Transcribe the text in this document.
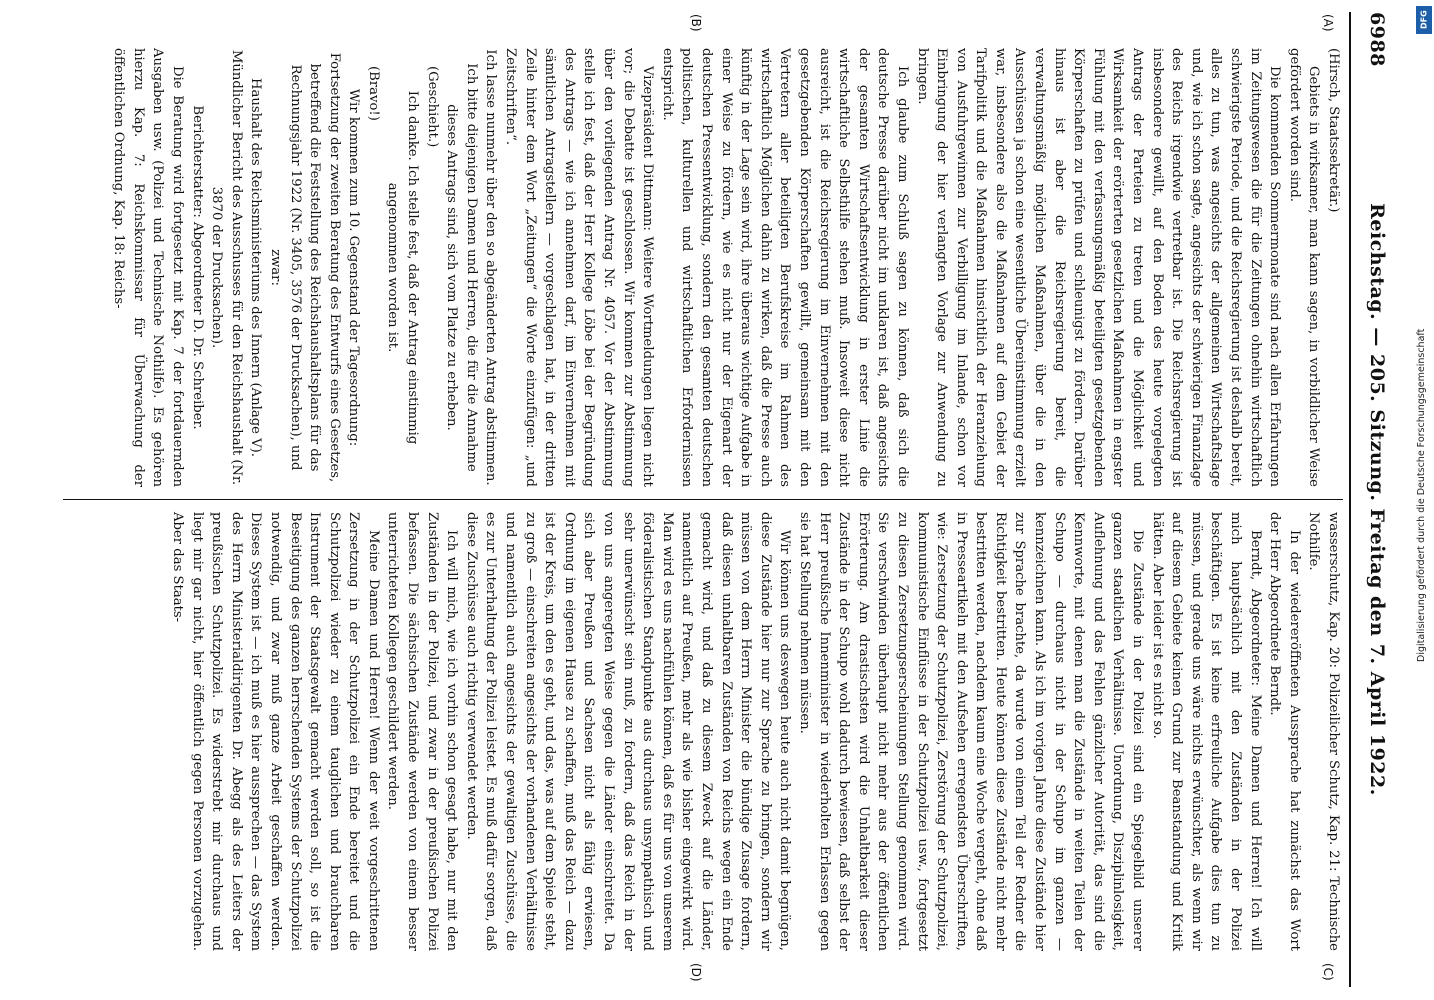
6988
Reichstag. — 205. Sitzung. Freitag den 7. April 1922.
(A)
(B)

(Hirsch, Staatssekretär.)

Gebiets in wirksamer, man kann sagen, in vorbildlicher Weise gefördert worden sind.

Die kommenden Sommermonate sind nach allen Erfahrungen im Zeitungswesen die für die Zeitungen ohnehin wirtschaftlich schwierigste Periode, und die Reichsregierung ist deshalb bereit, alles zu tun, was angesichts der allgemeinen Wirtschaftslage und, wie ich schon sagte, angesichts der schwierigen Finanzlage des Reichs irgendwie vertretbar ist. Die Reichsregierung ist insbesondere gewillt, auf den Boden des heute vorgelegten Antrags der Parteien zu treten und die Möglichkeit und Wirksamkeit der erörterten gesetzlichen Maßnahmen in engster Fühlung mit den verfassungsmäßig beteiligten gesetzgebenden Körperschaften zu prüfen und schleunigst zu fördern. Darüber hinaus ist aber die Reichsregierung bereit, die verwaltungsmäßig möglichen Maßnahmen, über die in den Ausschüssen ja schon eine wesentliche Übereinstimmung erzielt war, insbesondere also die Maßnahmen auf dem Gebiet der Tarifpolitik und die Maßnahmen hinsichtlich der Heranziehung von Ausfuhrgewinnen zur Verbilligung im Inlande, schon vor Einbringung der hier verlangten Vorlage zur Anwendung zu bringen.

Ich glaube zum Schluß sagen zu können, daß sich die deutsche Presse darüber nicht im unklaren ist, daß angesichts der gesamten Wirtschaftsentwicklung in erster Linie die wirtschaftliche Selbsthilfe stehen muß. Insoweit diese nicht ausreicht, ist die Reichsregierung im Einvernehmen mit den gesetzgebenden Körperschaften gewillt, gemeinsam mit den Vertretern aller beteiligten Berufskreise im Rahmen des wirtschaftlich Möglichen dahin zu wirken, daß die Presse auch künftig in der Lage sein wird, ihre überaus wichtige Aufgabe in einer Weise zu fördern, wie es nicht nur der Eigenart der deutschen Pressentwicklung, sondern den gesamten deutschen politischen, kulturellen und wirtschaftlichen Erfordernissen entspricht.

Vizepräsident Dittmann: Weitere Wortmeldungen liegen nicht vor; die Debatte ist geschlossen. Wir kommen zur Abstimmung über den vorliegenden Antrag Nr. 4057. Vor der Abstimmung stelle ich fest, daß der Herr Kollege Löbe bei der Begründung des Antrags — wie ich annehmen darf, im Einvernehmen mit sämtlichen Antragstellern — vorgeschlagen hat, in der dritten Zeile hinter dem Wort „Zeitungen“ die Worte einzufügen: „und Zeitschriften“.

Ich lasse nunmehr über den so abgeänderten Antrag abstimmen. Ich bitte diejenigen Damen und Herren, die für die Annahme dieses Antrags sind, sich vom Platze zu erheben.

(Geschieht.)

Ich danke. Ich stelle fest, daß der Antrag einstimmig angenommen worden ist.

(Bravo!)

Wir kommen zum 10. Gegenstand der Tagesordnung:

Fortsetzung der zweiten Beratung des Entwurfs eines Gesetzes, betreffend die Feststellung des Reichshaushaltsplans für das Rechnungsjahr 1922 (Nr. 3405, 3576 der Drucksachen), und zwar:

Haushalt des Reichsministeriums des Innern (Anlage V).

Mündlicher Bericht des Ausschusses für den Reichshaushalt (Nr. 3870 der Drucksachen).

Berichterstatter: Abgeordneter D. Dr. Schreiber.

Die Beratung wird fortgesetzt mit Kap. 7 der fortdauernden Ausgaben usw. (Polizei und Technische Nothilfe). Es gehören hierzu Kap. 7: Reichskommissar für Überwachung der öffentlichen Ordnung, Kap. 18: Reichs-

wasserschutz, Kap. 20: Polizeilicher Schutz, Kap. 21: Technische Nothilfe.

In der wiedereröffneten Aussprache hat zunächst das Wort der Herr Abgeordnete Berndt.

Berndt, Abgeordneter: Meine Damen und Herren! Ich will mich hauptsächlich mit den Zuständen in der Polizei beschäftigen. Es ist keine erfreuliche Aufgabe dies tun zu müssen, und gerade uns wäre nichts erwünschter, als wenn wir auf diesem Gebiete keinen Grund zur Beanstandung und Kritik hätten. Aber leider ist es nicht so.

Die Zustände in der Polizei sind ein Spiegelbild unserer ganzen staatlichen Verhältnisse. Unordnung, Disziplinlosigkeit, Auflehnung und das Fehlen gänzlicher Autorität, das sind die Kennworte, mit denen man die Zustände in weiten Teilen der Schupo — durchaus nicht in der Schupo im ganzen — kennzeichnen kann. Als ich im vorigen Jahre diese Zustände hier zur Sprache brachte, da wurde von einem Teil der Redner die Richtigkeit bestritten. Heute können diese Zustände nicht mehr bestritten werden, nachdem kaum eine Woche vergeht, ohne daß in Presseartikeln mit den Aufsehen erregendsten Überschriften, wie: Zersetzung der Schutzpolizei, Zerstörung der Schutzpolizei, kommunistische Einflüsse in der Schutzpolizei usw., fortgesetzt zu diesen Zersetzungserscheinungen Stellung genommen wird. Sie verschwinden überhaupt nicht mehr aus der öffentlichen Erörterung. Am drastischsten wird die Unhaltbarkeit dieser Zustände in der Schupo wohl dadurch bewiesen, daß selbst der Herr preußische Innenminister in wiederholten Erlassen gegen sie hat Stellung nehmen müssen.

Wir können uns deswegen heute auch nicht damit begnügen, diese Zustände hier nur zur Sprache zu bringen, sondern wir müssen von dem Herrn Minister die bündige Zusage fordern, daß diesen unhaltbaren Zuständen von Reichs wegen ein Ende gemacht wird, und daß zu diesem Zweck auf die Länder, namentlich auf Preußen, mehr als wie bisher eingewirkt wird. Man wird es uns nachfühlen können, daß es für uns von unserem föderalistischen Standpunkte aus durchaus unsympathisch und sehr unerwünscht sein muß, zu fordern, daß das Reich in der von uns angeregten Weise gegen die Länder einschreitet. Da sich aber Preußen und Sachsen nicht als fähig erwiesen, Ordnung im eigenen Hause zu schaffen, muß das Reich — dazu ist der Kreis, um den es geht, und das, was auf dem Spiele steht, zu groß — einschreiten angesichts der vorhandenen Verhältnisse und namentlich auch angesichts der gewaltigen Zuschüsse, die es zur Unterhaltung der Polizei leistet. Es muß dafür sorgen, daß diese Zuschüsse auch richtig verwendet werden.

Ich will mich, wie ich vorhin schon gesagt habe, nur mit den Zuständen in der Polizei, und zwar in der preußischen Polizei befassen. Die sächsischen Zustände werden von einem besser unterrichteten Kollegen geschildert werden.

Meine Damen und Herren! Wenn der weit vorgeschrittenen Zersetzung in der Schutzpolizei ein Ende bereitet und die Schutzpolizei wieder zu einem tauglichen und brauchbaren Instrument der Staatsgewalt gemacht werden soll, so ist die Beseitigung des ganzen herrschenden Systems der Schutzpolizei notwendig, und zwar muß ganze Arbeit geschaffen werden. Dieses System ist — ich muß es hier aussprechen — das System des Herrn Ministerialdirigenten Dr. Abegg als des Leiters der preußischen Schutzpolizei. Es widerstrebt mir durchaus und liegt mir gar nicht, hier öffentlich gegen Personen vorzugehen. Aber das Staats-

(C)
(D)
Digitalisierung gefördert durch die Deutsche Forschungsgemeinschaft
DFG
